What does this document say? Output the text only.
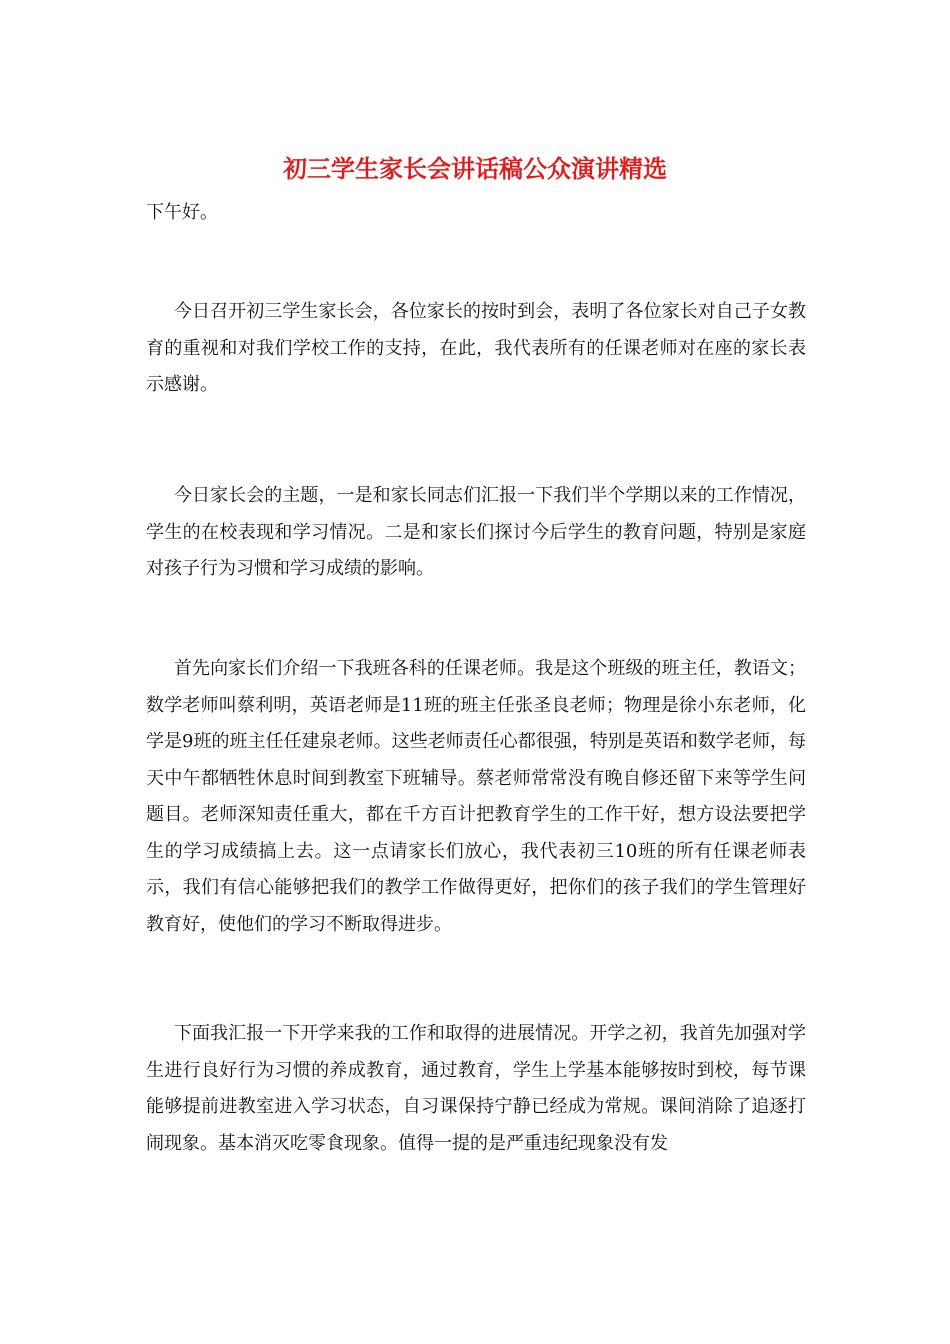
初三学生家长会讲话稿公众演讲精选
下午好。

今日召开初三学生家长会，各位家长的按时到会，表明了各位家长对自己子女教育的重视和对我们学校工作的支持，在此，我代表所有的任课老师对在座的家长表示感谢。

今日家长会的主题，一是和家长同志们汇报一下我们半个学期以来的工作情况，学生的在校表现和学习情况。二是和家长们探讨今后学生的教育问题，特别是家庭对孩子行为习惯和学习成绩的影响。

首先向家长们介绍一下我班各科的任课老师。我是这个班级的班主任，教语文；数学老师叫蔡利明，英语老师是11班的班主任张圣良老师；物理是徐小东老师，化学是9班的班主任任建泉老师。这些老师责任心都很强，特别是英语和数学老师，每天中午都牺牲休息时间到教室下班辅导。蔡老师常常没有晚自修还留下来等学生问题目。老师深知责任重大，都在千方百计把教育学生的工作干好，想方设法要把学生的学习成绩搞上去。这一点请家长们放心，我代表初三10班的所有任课老师表示，我们有信心能够把我们的教学工作做得更好，把你们的孩子我们的学生管理好教育好，使他们的学习不断取得进步。

下面我汇报一下开学来我的工作和取得的进展情况。开学之初，我首先加强对学生进行良好行为习惯的养成教育，通过教育，学生上学基本能够按时到校，每节课能够提前进教室进入学习状态，自习课保持宁静已经成为常规。课间消除了追逐打闹现象。基本消灭吃零食现象。值得一提的是严重违纪现象没有发
